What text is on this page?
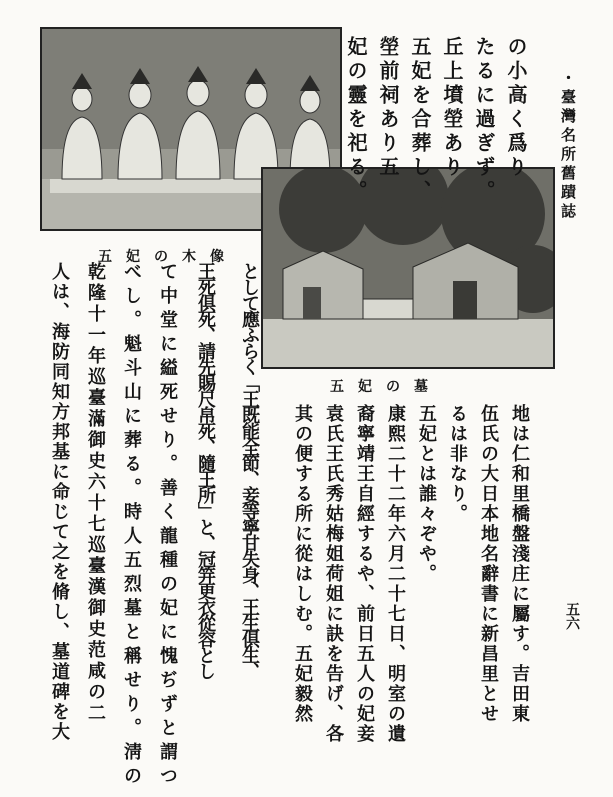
・臺灣名所舊蹟誌
五六
五妃の木像
五妃の墓
の小高く爲り
たるに過ぎず。
丘上墳塋あり
五妃を合葬し、
塋前祠あり五
妃の靈を祀る。
地は仁和里橋盤淺庄に屬す。吉田東
伍氏の大日本地名辭書に新昌里とせ
るは非なり。
五妃とは誰々ぞや。
康熙二十二年六月二十七日、明室の遺
裔寧靖王自經するや、前日五人の妃妾
袁氏王氏秀姑梅姐荷姐に訣を告げ、各
其の便する所に從はしむ。五妃毅然
として應ふらく「王既能全節、妾等寧甘失身、王生俱生、
王死俱死、請先賜尺帛死、隨王所」と、冠笄更衣從容とし
て中堂に縊死せり。善く龍種の妃に愧ぢずと謂つ
べし。魁斗山に葬る。時人五烈墓と稱せり。淸の
乾隆十一年巡臺滿御史六十七巡臺漢御史范咸の二
人は、海防同知方邦基に命じて之を脩し、墓道碑を大
